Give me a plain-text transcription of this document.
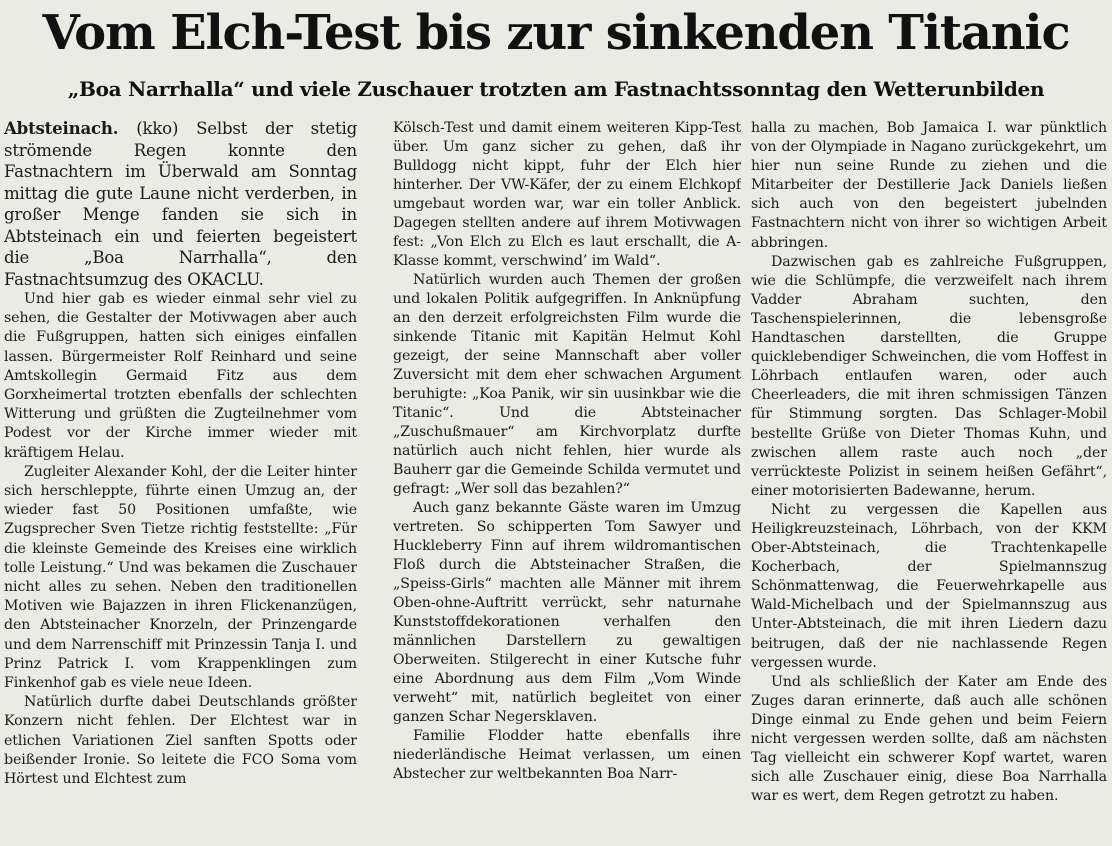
Vom Elch-Test bis zur sinkenden Titanic
„Boa Narrhalla“ und viele Zuschauer trotzten am Fastnachtssonntag den Wetterunbilden

Abtsteinach. (kko) Selbst der stetig strömende Regen konnte den Fastnachtern im Überwald am Sonntag mittag die gute Laune nicht verderben, in großer Menge fanden sie sich in Abtsteinach ein und feierten begeistert die „Boa Narrhalla“, den Fastnachtsumzug des OKACLU.

Und hier gab es wieder einmal sehr viel zu sehen, die Gestalter der Motivwagen aber auch die Fußgruppen, hatten sich einiges einfallen lassen. Bürgermeister Rolf Reinhard und seine Amtskollegin Germaid Fitz aus dem Gorxheimertal trotzten ebenfalls der schlechten Witterung und grüßten die Zugteilnehmer vom Podest vor der Kirche immer wieder mit kräftigem Helau.

Zugleiter Alexander Kohl, der die Leiter hinter sich herschleppte, führte einen Umzug an, der wieder fast 50 Positionen umfaßte, wie Zugsprecher Sven Tietze richtig feststellte: „Für die kleinste Gemeinde des Kreises eine wirklich tolle Leistung.“ Und was bekamen die Zuschauer nicht alles zu sehen. Neben den traditionellen Motiven wie Bajazzen in ihren Flickenanzügen, den Abtsteinacher Knorzeln, der Prinzengarde und dem Narrenschiff mit Prinzessin Tanja I. und Prinz Patrick I. vom Krappenklingen zum Finkenhof gab es viele neue Ideen.

Natürlich durfte dabei Deutschlands größter Konzern nicht fehlen. Der Elchtest war in etlichen Variationen Ziel sanften Spotts oder beißender Ironie. So leitete die FCO Soma vom Hörtest und Elchtest zum

Kölsch-Test und damit einem weiteren Kipp-Test über. Um ganz sicher zu gehen, daß ihr Bulldogg nicht kippt, fuhr der Elch hier hinterher. Der VW-Käfer, der zu einem Elchkopf umgebaut worden war, war ein toller Anblick. Dagegen stellten andere auf ihrem Motivwagen fest: „Von Elch zu Elch es laut erschallt, die A-Klasse kommt, verschwind’ im Wald“.

Natürlich wurden auch Themen der großen und lokalen Politik aufgegriffen. In Anknüpfung an den derzeit erfolgreichsten Film wurde die sinkende Titanic mit Kapitän Helmut Kohl gezeigt, der seine Mannschaft aber voller Zuversicht mit dem eher schwachen Argument beruhigte: „Koa Panik, wir sin uusinkbar wie die Titanic“. Und die Abtsteinacher „Zuschußmauer“ am Kirchvorplatz durfte natürlich auch nicht fehlen, hier wurde als Bauherr gar die Gemeinde Schilda vermutet und gefragt: „Wer soll das bezahlen?“

Auch ganz bekannte Gäste waren im Umzug vertreten. So schipperten Tom Sawyer und Huckleberry Finn auf ihrem wildromantischen Floß durch die Abtsteinacher Straßen, die „Speiss-Girls“ machten alle Männer mit ihrem Oben-ohne-Auftritt verrückt, sehr naturnahe Kunststoffdekorationen verhalfen den männlichen Darstellern zu gewaltigen Oberweiten. Stilgerecht in einer Kutsche fuhr eine Abordnung aus dem Film „Vom Winde verweht“ mit, natürlich begleitet von einer ganzen Schar Negersklaven.

Familie Flodder hatte ebenfalls ihre niederländische Heimat verlassen, um einen Abstecher zur weltbekannten Boa Narr-

halla zu machen, Bob Jamaica I. war pünktlich von der Olympiade in Nagano zurückgekehrt, um hier nun seine Runde zu ziehen und die Mitarbeiter der Destillerie Jack Daniels ließen sich auch von den begeistert jubelnden Fastnachtern nicht von ihrer so wichtigen Arbeit abbringen.

Dazwischen gab es zahlreiche Fußgruppen, wie die Schlümpfe, die verzweifelt nach ihrem Vadder Abraham suchten, den Taschenspielerinnen, die lebensgroße Handtaschen darstellten, die Gruppe quicklebendiger Schweinchen, die vom Hoffest in Löhrbach entlaufen waren, oder auch Cheerleaders, die mit ihren schmissigen Tänzen für Stimmung sorgten. Das Schlager-Mobil bestellte Grüße von Dieter Thomas Kuhn, und zwischen allem raste auch noch „der verrückteste Polizist in seinem heißen Gefährt“, einer motorisierten Badewanne, herum.

Nicht zu vergessen die Kapellen aus Heiligkreuzsteinach, Löhrbach, von der KKM Ober-Abtsteinach, die Trachtenkapelle Kocherbach, der Spielmannszug Schönmattenwag, die Feuerwehrkapelle aus Wald-Michelbach und der Spielmannszug aus Unter-Abtsteinach, die mit ihren Liedern dazu beitrugen, daß der nie nachlassende Regen vergessen wurde.

Und als schließlich der Kater am Ende des Zuges daran erinnerte, daß auch alle schönen Dinge einmal zu Ende gehen und beim Feiern nicht vergessen werden sollte, daß am nächsten Tag vielleicht ein schwerer Kopf wartet, waren sich alle Zuschauer einig, diese Boa Narrhalla war es wert, dem Regen getrotzt zu haben.
